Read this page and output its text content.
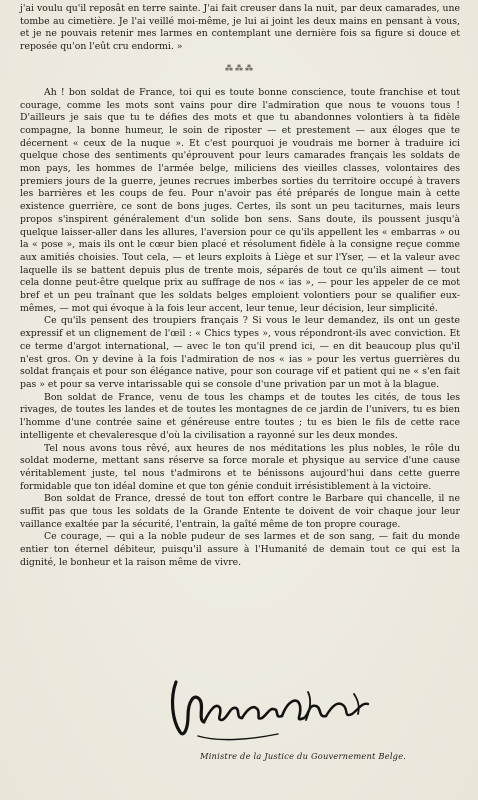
j'ai voulu qu'il reposât en terre sainte. J'ai fait creuser dans la nuit, par deux camarades, une tombe au cimetière. Je l'ai veillé moi-même, je lui ai joint les deux mains en pensant à vous, et je ne pouvais retenir mes larmes en contemplant une dernière fois sa figure si douce et reposée qu'on l'eût cru endormi. »

⁂⁂⁂

Ah ! bon soldat de France, toi qui es toute bonne conscience, toute franchise et tout courage, comme les mots sont vains pour dire l'admiration que nous te vouons tous ! D'ailleurs je sais que tu te défies des mots et que tu abandonnes volontiers à ta fidèle compagne, la bonne humeur, le soin de riposter — et prestement — aux éloges que te décernent « ceux de la nuque ». Et c'est pourquoi je voudrais me borner à traduire ici quelque chose des sentiments qu'éprouvent pour leurs camarades français les soldats de mon pays, les hommes de l'armée belge, miliciens des vieilles classes, volontaires des premiers jours de la guerre, jeunes recrues imberbes sorties du territoire occupé à travers les barrières et les coups de feu. Pour n'avoir pas été préparés de longue main à cette existence guerrière, ce sont de bons juges. Certes, ils sont un peu taciturnes, mais leurs propos s'inspirent généralement d'un solide bon sens. Sans doute, ils poussent jusqu'à quelque laisser-aller dans les allures, l'aversion pour ce qu'ils appellent les « embarras » ou la « pose », mais ils ont le cœur bien placé et résolument fidèle à la consigne reçue comme aux amitiés choisies. Tout cela, — et leurs exploits à Liège et sur l'Yser, — et la valeur avec laquelle ils se battent depuis plus de trente mois, séparés de tout ce qu'ils aiment — tout cela donne peut-être quelque prix au suffrage de nos « ias », — pour les appeler de ce mot bref et un peu traînant que les soldats belges emploient volontiers pour se qualifier eux-mêmes, — mot qui évoque à la fois leur accent, leur tenue, leur décision, leur simplicité.

Ce qu'ils pensent des troupiers français ? Si vous le leur demandez, ils ont un geste expressif et un clignement de l'œil : « Chics types », vous répondront-ils avec conviction. Et ce terme d'argot international, — avec le ton qu'il prend ici, — en dit beaucoup plus qu'il n'est gros. On y devine à la fois l'admiration de nos « ias » pour les vertus guerrières du soldat français et pour son élégance native, pour son courage vif et patient qui ne « s'en fait pas » et pour sa verve intarissable qui se console d'une privation par un mot à la blague.

Bon soldat de France, venu de tous les champs et de toutes les cités, de tous les rivages, de toutes les landes et de toutes les montagnes de ce jardin de l'univers, tu es bien l'homme d'une contrée saine et généreuse entre toutes ; tu es bien le fils de cette race intelligente et chevaleresque d'où la civilisation a rayonné sur les deux mondes.

Tel nous avons tous rêvé, aux heures de nos méditations les plus nobles, le rôle du soldat moderne, mettant sans réserve sa force morale et physique au service d'une cause véritablement juste, tel nous t'admirons et te bénissons aujourd'hui dans cette guerre formidable que ton idéal domine et que ton génie conduit irrésistiblement à la victoire.

Bon soldat de France, dressé de tout ton effort contre le Barbare qui chancelle, il ne suffit pas que tous les soldats de la Grande Entente te doivent de voir chaque jour leur vaillance exaltée par la sécurité, l'entrain, la gaîté même de ton propre courage.

Ce courage, — qui a la noble pudeur de ses larmes et de son sang, — fait du monde entier ton éternel débiteur, puisqu'il assure à l'Humanité de demain tout ce qui est la dignité, le bonheur et la raison même de vivre.

Ministre de la Justice du Gouvernement Belge.
